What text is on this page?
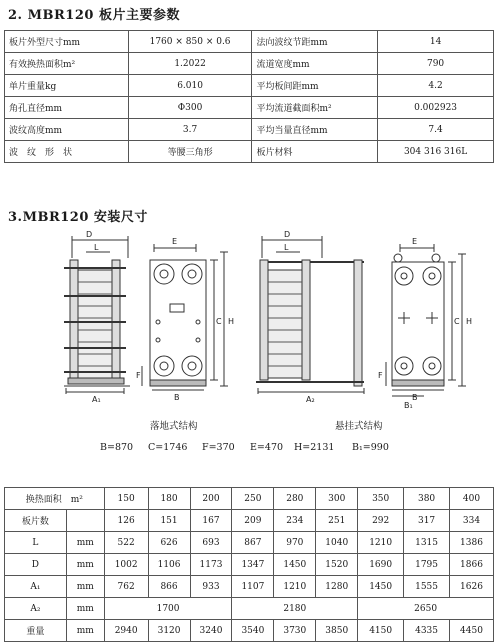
2. MBR120 板片主要参数
板片外型尺寸mm	1760 × 850 × 0.6	法向波纹节距mm	14
有效换热面积m²	1.2022	流道宽度mm	790
单片重量kg	6.010	平均板间距mm	4.2
角孔直径mm	Φ300	平均流道截面积m²	0.002923
波纹高度mm	3.7	平均当量直径mm	7.4
波　纹　形　状	等腰三角形	板片材料	304 316 316L
3.MBR120 安装尺寸
D
L
A₁
E
C H
F
B
D
L
A₂
E
C H
F
B
B₁
落地式结构	悬挂式结构
B=870 C=1746 F=370 E=470 H=2131 B₁=990
换热面积　m²		150	180	200	250	280	300	350	380	400
板片数		126	151	167	209	234	251	292	317	334
L	mm	522	626	693	867	970	1040	1210	1315	1386
D	mm	1002	1106	1173	1347	1450	1520	1690	1795	1866
A₁	mm	762	866	933	1107	1210	1280	1450	1555	1626
A₂	mm	1700			2180			2650		
重量	mm	2940	3120	3240	3540	3730	3850	4150	4335	4450
